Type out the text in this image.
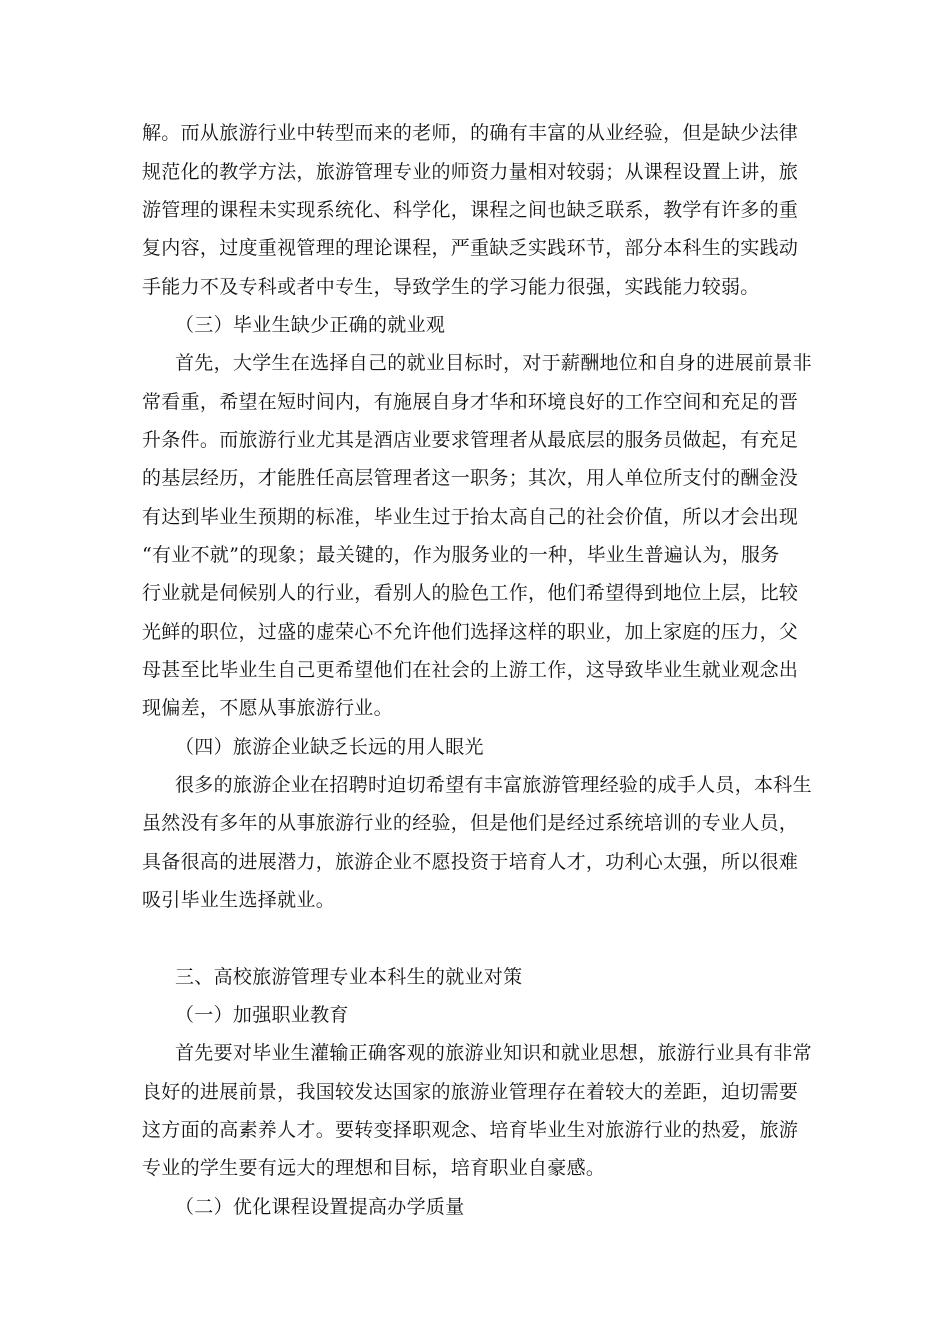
解。而从旅游行业中转型而来的老师，的确有丰富的从业经验，但是缺少法律

规范化的教学方法，旅游管理专业的师资力量相对较弱；从课程设置上讲，旅

游管理的课程未实现系统化、科学化，课程之间也缺乏联系，教学有许多的重

复内容，过度重视管理的理论课程，严重缺乏实践环节，部分本科生的实践动

手能力不及专科或者中专生，导致学生的学习能力很强，实践能力较弱。

（三）毕业生缺少正确的就业观

首先，大学生在选择自己的就业目标时，对于薪酬地位和自身的进展前景非

常看重，希望在短时间内，有施展自身才华和环境良好的工作空间和充足的晋

升条件。而旅游行业尤其是酒店业要求管理者从最底层的服务员做起，有充足

的基层经历，才能胜任高层管理者这一职务；其次，用人单位所支付的酬金没

有达到毕业生预期的标准，毕业生过于抬太高自己的社会价值，所以才会出现

“有业不就”的现象；最关键的，作为服务业的一种，毕业生普遍认为，服务

行业就是伺候别人的行业，看别人的脸色工作，他们希望得到地位上层，比较

光鲜的职位，过盛的虚荣心不允许他们选择这样的职业，加上家庭的压力，父

母甚至比毕业生自己更希望他们在社会的上游工作，这导致毕业生就业观念出

现偏差，不愿从事旅游行业。

（四）旅游企业缺乏长远的用人眼光

很多的旅游企业在招聘时迫切希望有丰富旅游管理经验的成手人员，本科生

虽然没有多年的从事旅游行业的经验，但是他们是经过系统培训的专业人员，

具备很高的进展潜力，旅游企业不愿投资于培育人才，功利心太强，所以很难

吸引毕业生选择就业。

三、高校旅游管理专业本科生的就业对策

（一）加强职业教育

首先要对毕业生灌输正确客观的旅游业知识和就业思想，旅游行业具有非常

良好的进展前景，我国较发达国家的旅游业管理存在着较大的差距，迫切需要

这方面的高素养人才。要转变择职观念、培育毕业生对旅游行业的热爱，旅游

专业的学生要有远大的理想和目标，培育职业自豪感。

（二）优化课程设置提高办学质量
